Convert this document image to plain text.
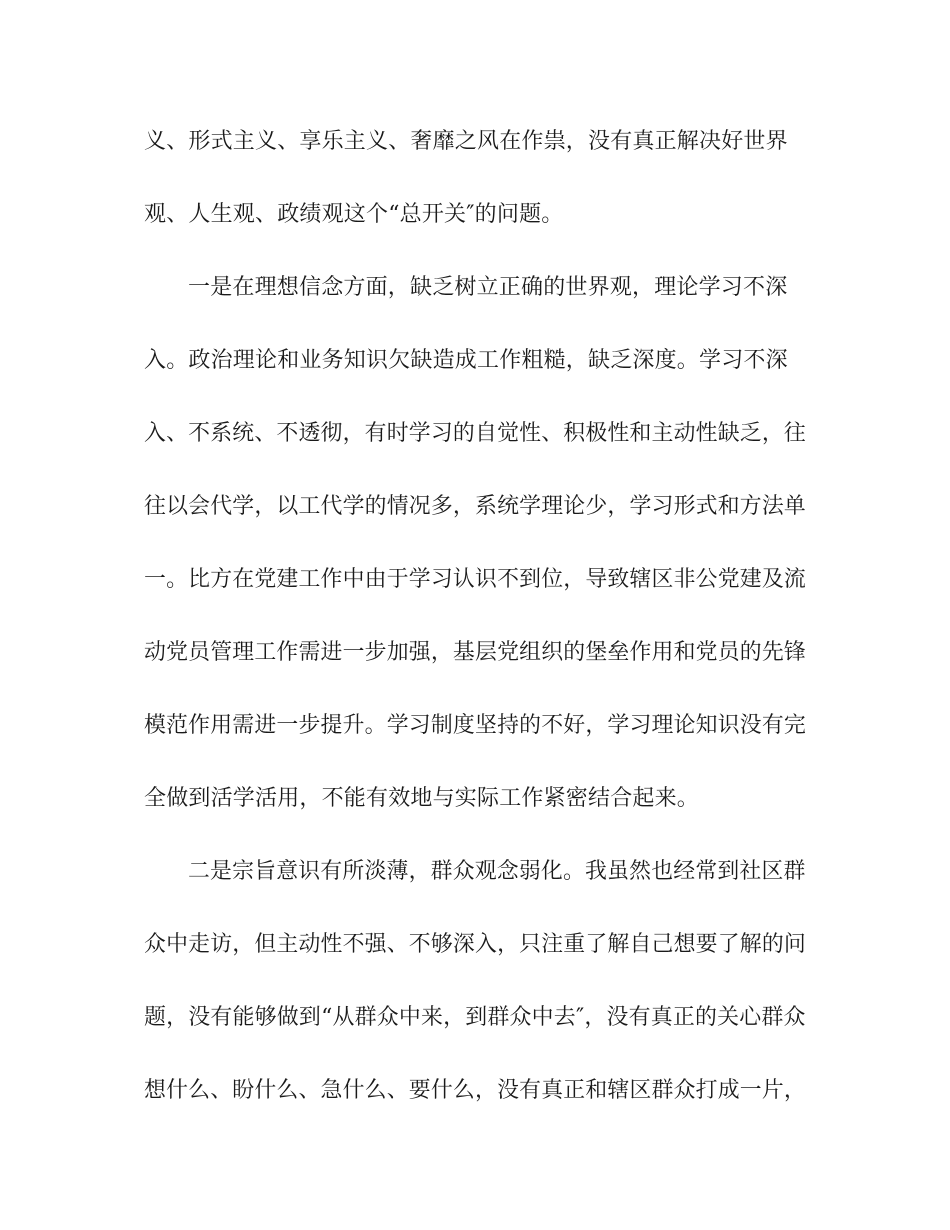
义、形式主义、享乐主义、奢靡之风在作祟，没有真正解决好世界
观、人生观、政绩观这个“总开关″的问题。
一是在理想信念方面，缺乏树立正确的世界观，理论学习不深
入。政治理论和业务知识欠缺造成工作粗糙，缺乏深度。学习不深
入、不系统、不透彻，有时学习的自觉性、积极性和主动性缺乏，往
往以会代学，以工代学的情况多，系统学理论少，学习形式和方法单
一。比方在党建工作中由于学习认识不到位，导致辖区非公党建及流
动党员管理工作需进一步加强，基层党组织的堡垒作用和党员的先锋
模范作用需进一步提升。学习制度坚持的不好，学习理论知识没有完
全做到活学活用，不能有效地与实际工作紧密结合起来。
二是宗旨意识有所淡薄，群众观念弱化。我虽然也经常到社区群
众中走访，但主动性不强、不够深入，只注重了解自己想要了解的问
题，没有能够做到“从群众中来，到群众中去″，没有真正的关心群众
想什么、盼什么、急什么、要什么，没有真正和辖区群众打成一片，
